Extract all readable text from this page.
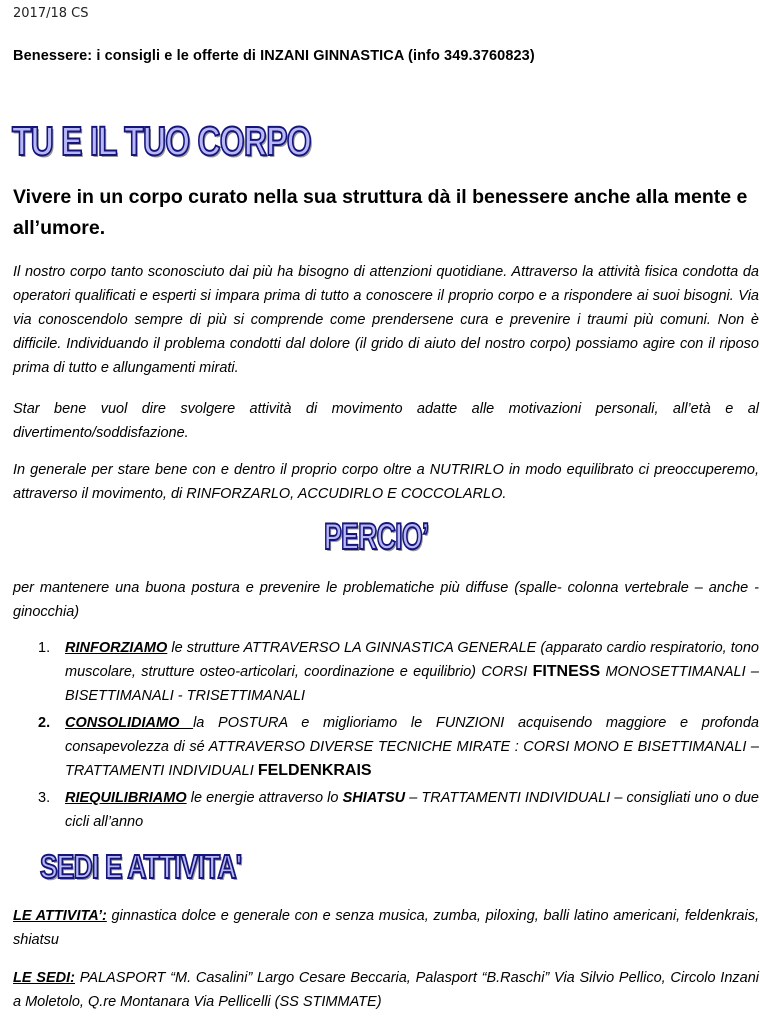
2017/18 CS
Benessere: i consigli e le offerte di INZANI GINNASTICA (info 349.3760823)
TU E IL TUO CORPO
Vivere in un corpo curato nella sua struttura dà il benessere anche alla mente e all’umore.
Il nostro corpo tanto sconosciuto dai più ha bisogno di attenzioni quotidiane. Attraverso la attività fisica condotta da operatori qualificati e esperti si impara prima di tutto a conoscere il proprio corpo e a rispondere ai suoi bisogni. Via via conoscendolo sempre di più si comprende come prendersene cura e prevenire i traumi più comuni. Non è difficile. Individuando il problema condotti dal dolore (il grido di aiuto del nostro corpo) possiamo agire con il riposo prima di tutto e allungamenti mirati.
Star bene vuol dire svolgere attività di movimento adatte alle motivazioni personali, all’età e al divertimento/soddisfazione.
In generale per stare bene con e dentro il proprio corpo oltre a NUTRIRLO in modo equilibrato ci preoccuperemo, attraverso il movimento, di RINFORZARLO, ACCUDIRLO E COCCOLARLO.
PERCIO’
per mantenere una buona postura e prevenire le problematiche più diffuse (spalle- colonna vertebrale – anche - ginocchia)
1. RINFORZIAMO le strutture ATTRAVERSO LA GINNASTICA GENERALE (apparato cardio respiratorio, tono muscolare, strutture osteo-articolari, coordinazione e equilibrio) CORSI FITNESS MONOSETTIMANALI – BISETTIMANALI - TRISETTIMANALI
2. CONSOLIDIAMO la POSTURA e miglioriamo le FUNZIONI acquisendo maggiore e profonda consapevolezza di sé ATTRAVERSO DIVERSE TECNICHE MIRATE : CORSI MONO E BISETTIMANALI – TRATTAMENTI INDIVIDUALI FELDENKRAIS
3. RIEQUILIBRIAMO le energie attraverso lo SHIATSU – TRATTAMENTI INDIVIDUALI – consigliati uno o due cicli all’anno
SEDI E ATTIVITA'
LE ATTIVITA’: ginnastica dolce e generale con e senza musica, zumba, piloxing, balli latino americani, feldenkrais, shiatsu
LE SEDI: PALASPORT “M. Casalini” Largo Cesare Beccaria, Palasport “B.Raschi” Via Silvio Pellico, Circolo Inzani a Moletolo, Q.re Montanara Via Pellicelli (SS STIMMATE)
